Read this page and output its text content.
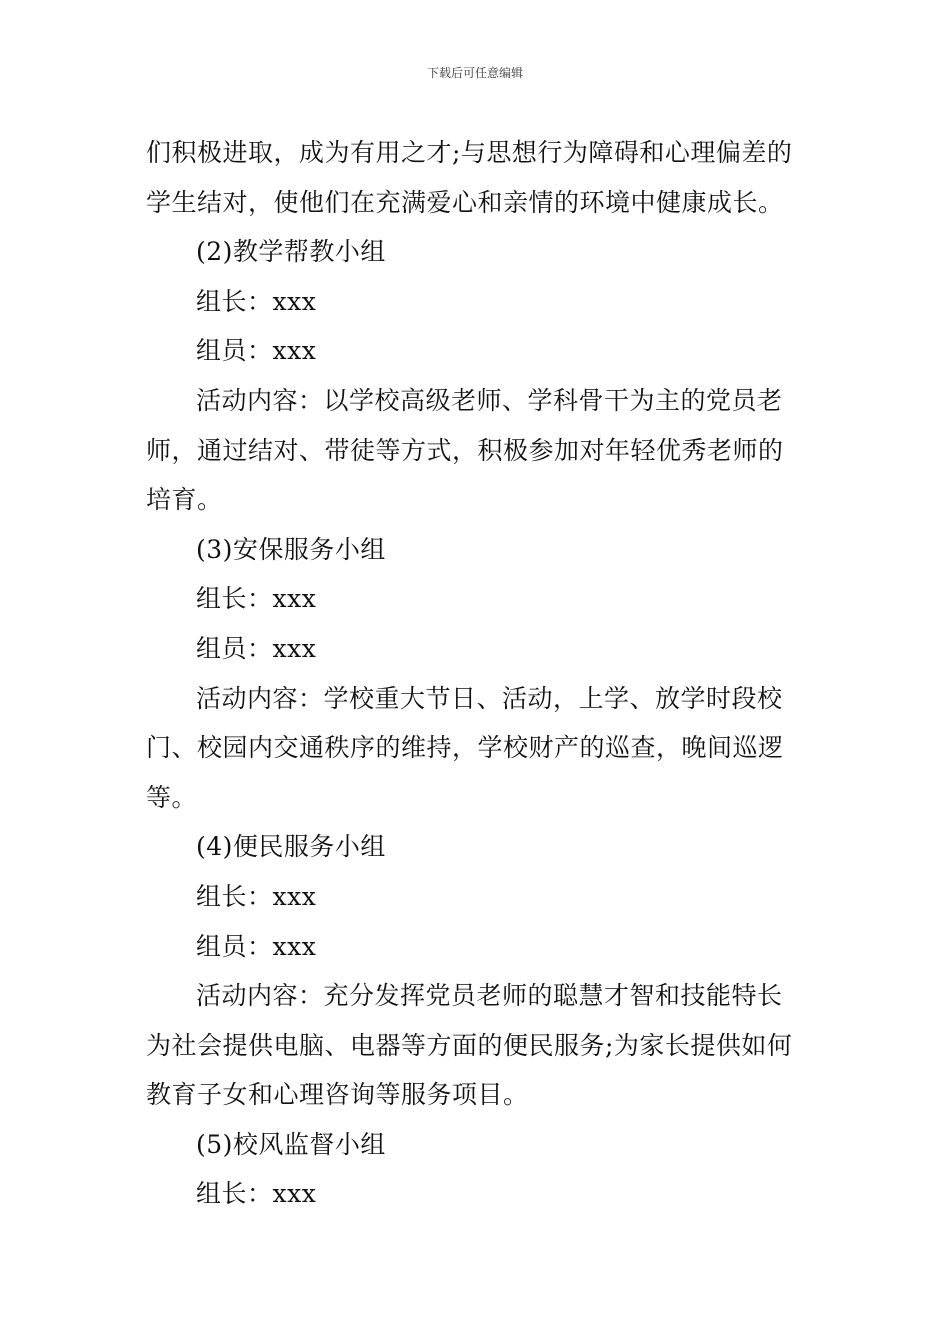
下载后可任意编辑

们积极进取，成为有用之才;与思想行为障碍和心理偏差的

学生结对，使他们在充满爱心和亲情的环境中健康成长。

(2)教学帮教小组

组长：xxx

组员：xxx

活动内容：以学校高级老师、学科骨干为主的党员老

师，通过结对、带徒等方式，积极参加对年轻优秀老师的

培育。

(3)安保服务小组

组长：xxx

组员：xxx

活动内容：学校重大节日、活动，上学、放学时段校

门、校园内交通秩序的维持，学校财产的巡查，晚间巡逻

等。

(4)便民服务小组

组长：xxx

组员：xxx

活动内容：充分发挥党员老师的聪慧才智和技能特长

为社会提供电脑、电器等方面的便民服务;为家长提供如何

教育子女和心理咨询等服务项目。

(5)校风监督小组

组长：xxx
